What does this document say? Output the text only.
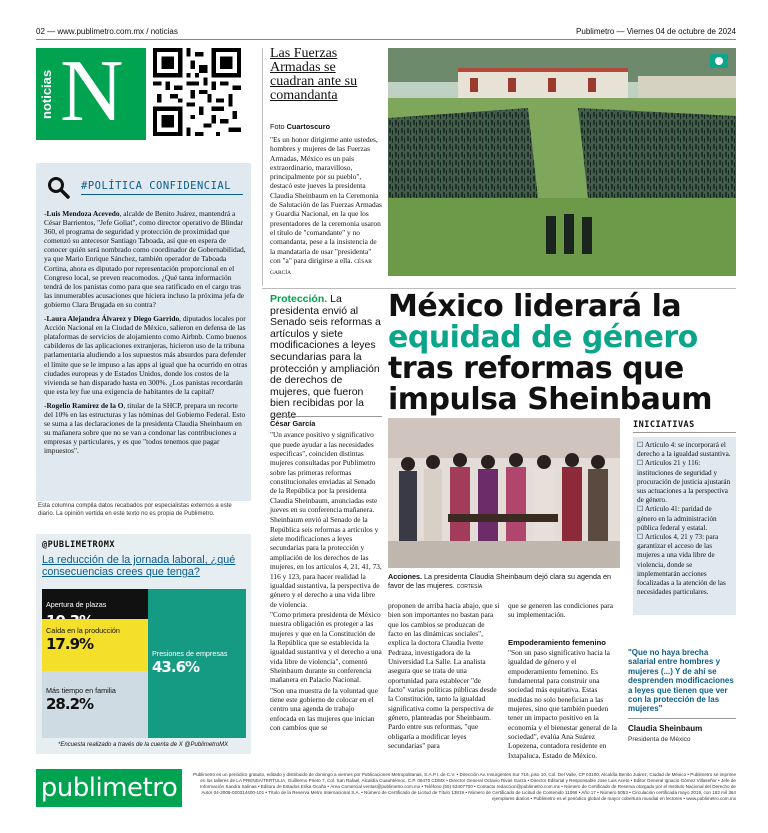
02 — www.publimetro.com.mx / noticias	Publimetro — Viernes 04 de octubre de 2024
noticias N
#POLÍTICA CONFIDENCIAL

-Luis Mendoza Acevedo, alcalde de Benito Juárez, mantendrá a César Barrientos, "Jefe Goliat", como director operativo de Blindar 360, el programa de seguridad y protección de proximidad que comenzó su antecesor Santiago Taboada, así que en espera de conocer quién será nombrado como coordinador de Gobernabilidad, ya que Mario Enrique Sánchez, también operador de Taboada Cortina, ahora es diputado por representación proporcional en el Congreso local, se preven reacomodos. ¿Qué tanta información tendrá de los panistas como para que sea ratificado en el cargo tras las innumerables acusaciones que hiciera incluso la próxima jefa de gobierno Clara Brugada en su contra?

-Laura Alejandra Álvarez y Diego Garrido, diputados locales por Acción Nacional en la Ciudad de México, salieron en defensa de las plataformas de servicios de alojamiento como Airbnb. Como buenos cabilderos de las aplicaciones extranjeras, hicieron uso de la tribuna parlamentaria aludiendo a los supuestos más absurdos para defender el límite que se le impuso a las apps al igual que ha ocurrido en otras ciudades europeas y de Estados Unidos, donde los costos de la vivienda se han disparado hasta en 300%. ¿Los panistas recordarán que esta ley fue una exigencia de habitantes de la capital?

-Rogelio Ramírez de la O, titular de la SHCP, prepara un recorte del 10% en las estructuras y las nóminas del Gobierno Federal. Esto se suma a las declaraciones de la presidenta Claudia Sheinbaum en su mañanera sobre que no se van a condonar las contribuciones a empresas y particulares, y es que "todos tenemos que pagar impuestos".

Esta columna compila datos recabados por especialistas externos a este diario. La opinión vertida en este texto no es propia de Publimetro.
@PUBLIMETROMX
La reducción de la jornada laboral, ¿qué consecuencias crees que tenga?
Apertura de plazas
Caída en la producción
17.9%
Más tiempo en familia
28.2%
Presiones de empresas
43.6%
*Encuesta realizado a través de la cuenta de X @PublimetroMX
Las Fuerzas Armadas se cuadran ante su comandanta
Foto Cuartoscuro
"Es un honor dirigirme ante ustedes, hombres y mujeres de las Fuerzas Armadas, México es un país extraordinario, maravilloso, principalmente por su pueblo", destacó este jueves la presidenta Claudia Sheinbaum en la Ceremonia de Salutación de las Fuerzas Armadas y Guardia Nacional, en la que los presentadores de la ceremonia usaron el título de "comandante" y no comandanta, pese a la insistencia de la mandataria de usar "presidenta" con "a" para dirigirse a ella. CÉSAR GARCÍA
Protección. La presidenta envió al Senado seis reformas a artículos y siete modificaciones a leyes secundarias para la protección y ampliación de derechos de mujeres, que fueron bien recibidas por la gente
México liderará la
equidad de género
tras reformas que impulsa Sheinbaum

César García

"Un avance positivo y significativo que puede ayudar a las necesidades específicas", coinciden distintas mujeres consultadas por Publimetro sobre las primeras reformas constitucionales enviadas al Senado de la República por la presidenta Claudia Sheinbaum, anunciadas este jueves en su conferencia mañanera.

Sheinbaum envió al Senado de la República seis reformas a artículos y siete modificaciones a leyes secundarias para la protección y ampliación de los derechos de las mujeres, en los artículos 4, 21, 41, 73, 116 y 123, para hacer realidad la igualdad sustantiva, la perspectiva de género y el derecho a una vida libre de violencia.

"Como primera presidenta de México nuestra obligación es proteger a las mujeres y que en la Constitución de la República que se establecida la igualdad sustantiva y el derecho a una vida libre de violencia", comentó Sheinbaum durante su conferencia mañanera en Palacio Nacional.

"Son una muestra de la voluntad que tiene este gobierno de colocar en el centro una agenda de trabajo enfocada en las mujeres que inician con cambios que se

Acciones. La presidenta Claudia Sheinbaum dejó clara su agenda en favor de las mujeres. CORTESÍA
proponen de arriba hacia abajo, que si bien son importantes no bastan para que los cambios se produzcan de facto en las dinámicas sociales", explica la doctora Claudia Ivette Pedraza, investigadora de la Universidad La Salle. La analista asegura que se trata de una oportunidad para establecer "de facto" varias políticas públicas desde la Constitución, tanto la igualdad significativa como la perspectiva de género, planteadas por Sheinbaum. Pardo entre sus reformas, "que obligaría a modificar leyes secundarias" para

que se generen las condiciones para su implementación.

Empoderamiento femenino

"Son un paso significativo hacia la igualdad de género y el empoderamiento femenino. Es fundamental para construir una sociedad más equitativa. Estas medidas no solo benefician a las mujeres, sino que también pueden tener un impacto positivo en la economía y el bienestar general de la sociedad", evalúa Ana Suárez Lopezena, contadora residente en Ixtapaluca, Estado de México.

INICIATIVAS

☐ Artículo 4: se incorporará el derecho a la igualdad sustantiva.

☐ Artículos 21 y 116: instituciones de seguridad y procuración de justicia ajustarán sus actuaciones a la perspectiva de género.

☐ Artículo 41: paridad de género en la administración pública federal y estatal.

☐ Artículos 4, 21 y 73: para garantizar el acceso de las mujeres a una vida libre de violencia, donde se implementarán acciones focalizadas a la atención de las necesidades particulares.

"Que no haya brecha salarial entre hombres y mujeres (...) Y de ahí se desprenden modificaciones a leyes que tienen que ver con la protección de las mujeres"
Claudia Sheinbaum
Presidenta de México
publimetro	Publimetro es un periódico gratuito, editado y distribuido de domingo a viernes por Publicaciones Metropolitanas, S.A.P.I. de C.V. • Dirección Av. Insurgentes Sur 716, piso 10, Col. Del Valle, CP 03100, Alcaldía Benito Juárez, Ciudad de México • Publimetro se imprime en los talleres de LA PRENSA/TERTULIA, Guillermo Prieto 7, Col. San Rafael, Alcaldía Cuauhtémoc, C.P. 06470 CDMX • Director General Octavio Rivas Garza • Director Editorial y Responsable Jose Luis Aceto • Editor General Ignacio Gómez Villaseñor • Jefe de Información Sandra Salinas • Editora de Estados Erika Ocaña • Área Comercial ventas@publimetro.com.mx • Teléfono (55) 53407700 • Contacto redaccion@publimetro.com.mx • Número de Certificado de Reserva otorgado por el Instituto Nacional del Derecho de Autor 04-2006-020314400-101 • Título de la Reserva Metro Internacional S.A. • Número de Certificado de Licitud de Título 13819 • Número de Certificado de Licitud de Contenido 11066 • Año 17 • Número 5053 • Circulación certificada mayo 2019, con 162 mil 364 ejemplares diarios • Publimetro es el periódico global de mayor cobertura mundial en lectores • www.publimetro.com.mx
